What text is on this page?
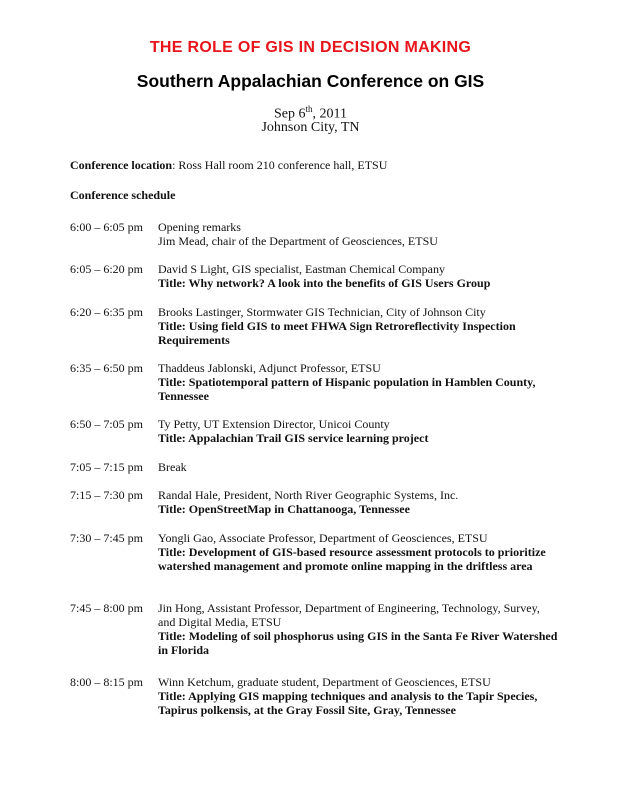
THE ROLE OF GIS IN DECISION MAKING
Southern Appalachian Conference on GIS
Sep 6th, 2011
Johnson City, TN
Conference location: Ross Hall room 210 conference hall, ETSU
Conference schedule
6:00 – 6:05 pm	Opening remarks
Jim Mead, chair of the Department of Geosciences, ETSU
6:05 – 6:20 pm	David S Light, GIS specialist, Eastman Chemical Company
Title: Why network? A look into the benefits of GIS Users Group
6:20 – 6:35 pm	Brooks Lastinger, Stormwater GIS Technician, City of Johnson City
Title: Using field GIS to meet FHWA Sign Retroreflectivity Inspection Requirements
6:35 – 6:50 pm	Thaddeus Jablonski, Adjunct Professor, ETSU
Title: Spatiotemporal pattern of Hispanic population in Hamblen County, Tennessee
6:50 – 7:05 pm	Ty Petty, UT Extension Director, Unicoi County
Title: Appalachian Trail GIS service learning project
7:05 – 7:15 pm	Break
7:15 – 7:30 pm	Randal Hale, President, North River Geographic Systems, Inc.
Title: OpenStreetMap in Chattanooga, Tennessee
7:30 – 7:45 pm	Yongli Gao, Associate Professor, Department of Geosciences, ETSU
Title: Development of GIS-based resource assessment protocols to prioritize watershed management and promote online mapping in the driftless area
7:45 – 8:00 pm	Jin Hong, Assistant Professor, Department of Engineering, Technology, Survey, and Digital Media, ETSU
Title: Modeling of soil phosphorus using GIS in the Santa Fe River Watershed in Florida
8:00 – 8:15 pm	Winn Ketchum, graduate student, Department of Geosciences, ETSU
Title: Applying GIS mapping techniques and analysis to the Tapir Species, Tapirus polkensis, at the Gray Fossil Site, Gray, Tennessee
